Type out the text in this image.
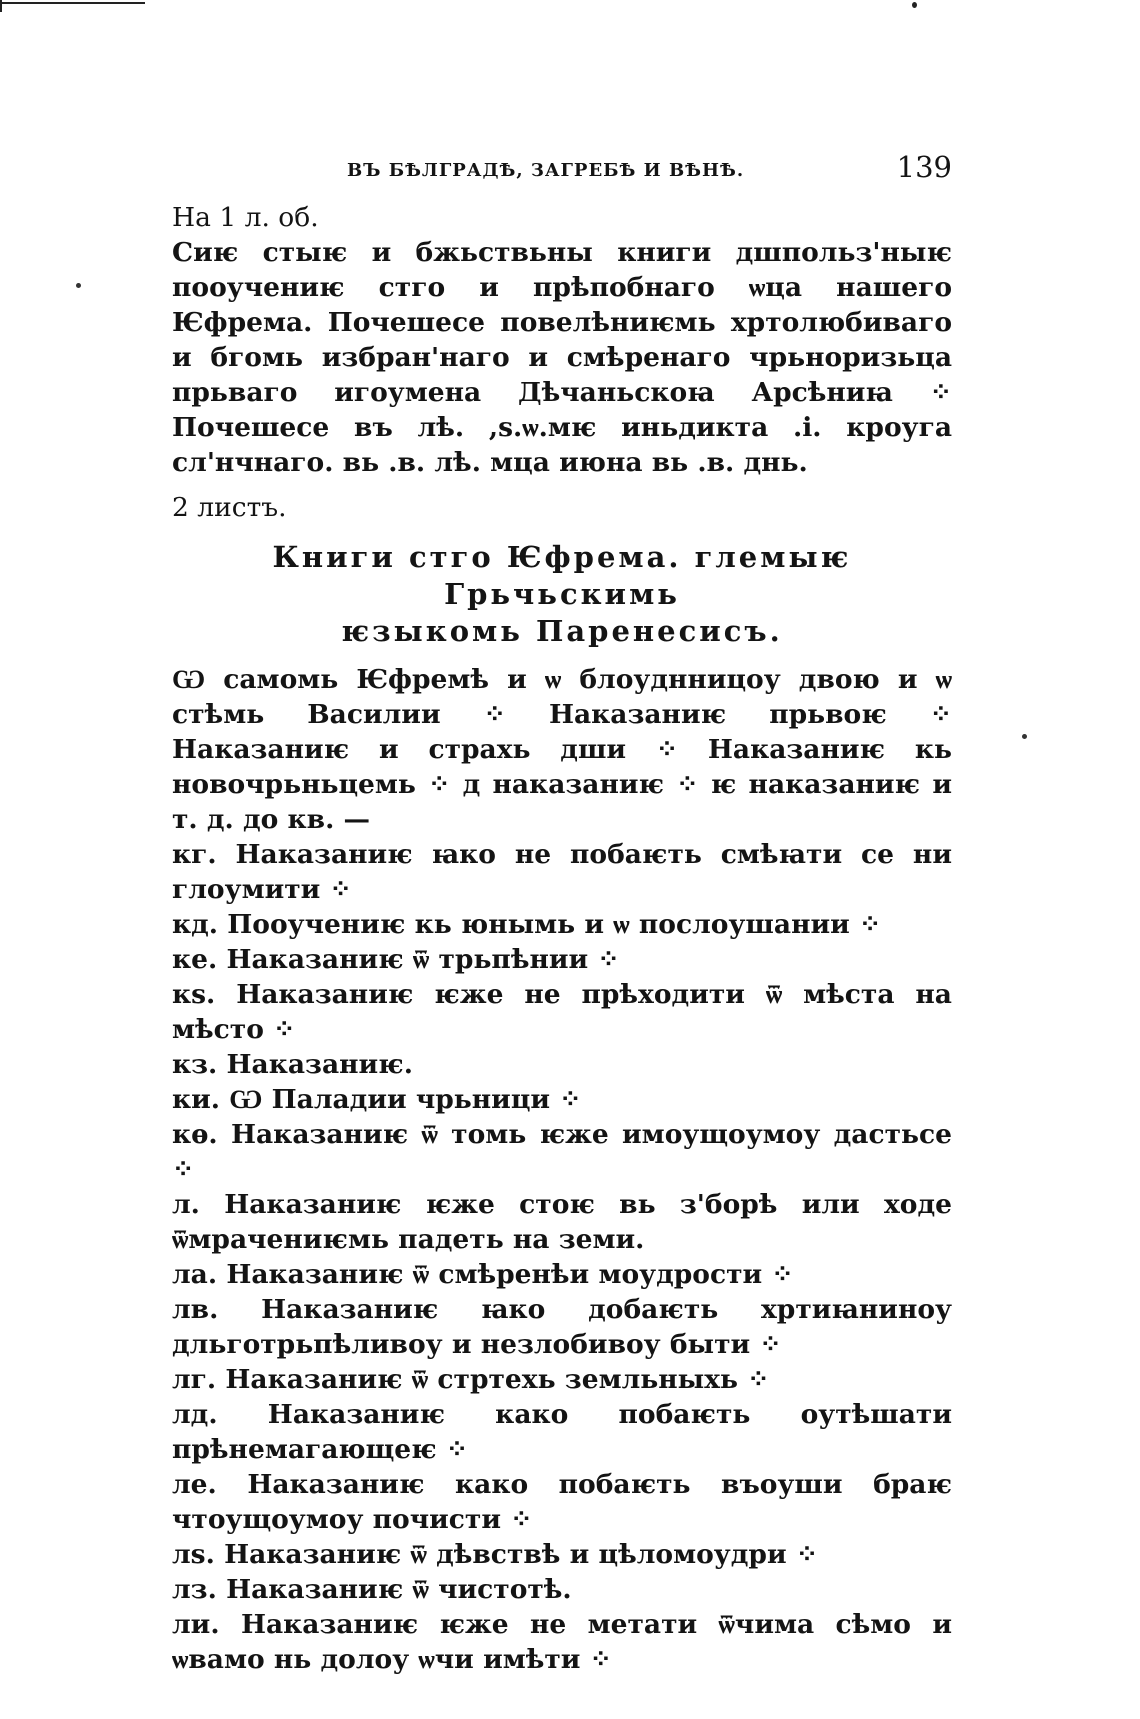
ВЪ БѢЛГРАДѢ, ЗАГРЕБѢ И ВѢНѢ.	139

На 1 л. об.

Сиѥ стыѥ и бжьствьны книги дшпольз'ныѥ пооучениѥ стго и прѣпобнаго ѡца нашего Ѥфрема. Почешесе повелѣниѥмь хртолюбиваго и бгомь избран'наго и смѣренаго чрьноризьца прьваго игоумена Дѣчаньскоꙗ Арсѣниꙗ ⁘ Почешесе въ лѣ. ,ѕ.ѡ.мѥ иньдикта .і. кроуга сл'нчнаго. вь .в. лѣ. мца июна вь .в. днь.

2 листъ.

Книги стго Ѥфрема. глемыѥ Грьчьскимь
ѥзыкомь Паренесисъ.

Ѡ самомь Ѥфремѣ и ѡ блоуднницоу двою и ѡ стѣмь Василии ⁘ Наказаниѥ прьвоѥ ⁘ Наказаниѥ и страхь дши ⁘ Наказаниѥ кь новочрьньцемь ⁘ д наказаниѥ ⁘ ѥ наказаниѥ и т. д. до кв. —

кг. Наказаниѥ ꙗко не побаѥть смѣꙗти се ни глоумити ⁘
кд. Пооучениѥ кь юнымь и ѡ послоушании ⁘
ке. Наказаниѥ ѿ трьпѣнии ⁘
кѕ. Наказаниѥ ѥже не прѣходити ѿ мѣста на мѣсто ⁘
кз. Наказаниѥ.
ки. Ѡ Паладии чрьници ⁘
кѳ. Наказаниѥ ѿ томь ѥже имоущоумоу дастьсе ⁘
л. Наказаниѥ ѥже стоѥ вь з'борѣ или ходе ѿмрачениѥмь падеть на земи.
ла. Наказаниѥ ѿ смѣренѣи моудрости ⁘
лв. Наказаниѥ ꙗко добаѥть хртиꙗниноу дльготрьпѣливоу и незлобивоу быти ⁘
лг. Наказаниѥ ѿ стртехь земльныхь ⁘
лд. Наказаниѥ како побаѥть оутѣшати прѣнемагающеѥ ⁘
ле. Наказаниѥ како побаѥть въоуши браѥ чтоущоумоу почисти ⁘
лѕ. Наказаниѥ ѿ дѣвствѣ и цѣломоудри ⁘
лз. Наказаниѥ ѿ чистотѣ.
ли. Наказаниѥ ѥже не метати ѿчима сѣмо и ѡвамо нь долоу ѡчи имѣти ⁘
